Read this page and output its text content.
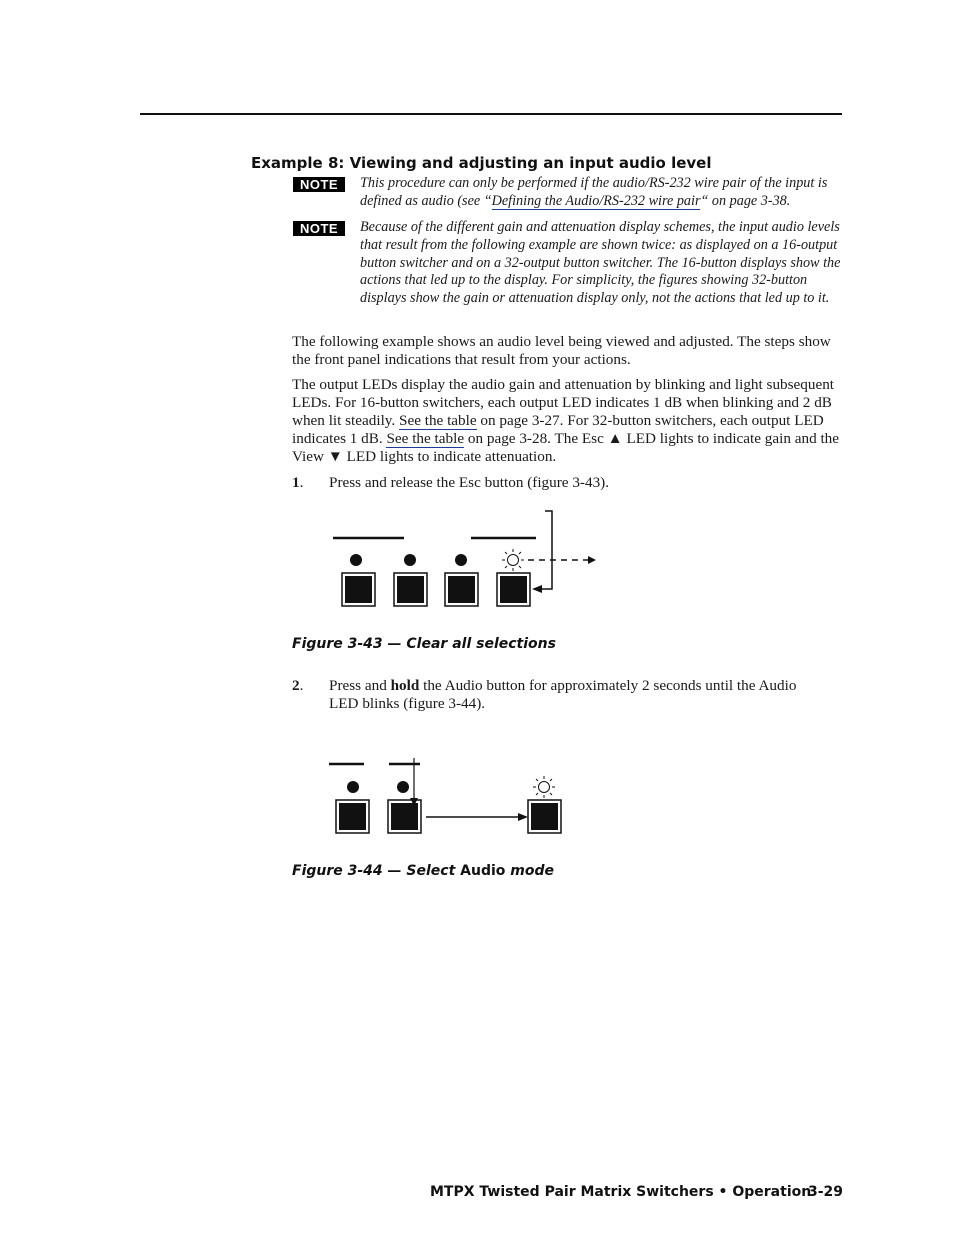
Example 8: Viewing and adjusting an input audio level
NOTE	This procedure can only be performed if the audio/RS-232 wire pair of the input is defined as audio (see “Defining the Audio/RS-232 wire pair“ on page 3-38.
NOTE	Because of the different gain and attenuation display schemes, the input audio levels that result from the following example are shown twice: as displayed on a 16-output button switcher and on a 32-output button switcher. The 16-button displays show the actions that led up to the display. For simplicity, the figures showing 32-button displays show the gain or attenuation display only, not the actions that led up to it.
The following example shows an audio level being viewed and adjusted. The steps show the front panel indications that result from your actions.
The output LEDs display the audio gain and attenuation by blinking and light subsequent LEDs. For 16-button switchers, each output LED indicates 1 dB when blinking and 2 dB when lit steadily. See the table on page 3-27. For 32-button switchers, each output LED indicates 1 dB. See the table on page 3-28. The Esc ▲ LED lights to indicate gain and the View ▼ LED lights to indicate attenuation.
1. Press and release the Esc button (figure 3-43).
Figure 3-43 — Clear all selections
2. Press and hold the Audio button for approximately 2 seconds until the Audio LED blinks (figure 3-44).
Figure 3-44 — Select Audio mode
MTPX Twisted Pair Matrix Switchers • Operation
3-29
